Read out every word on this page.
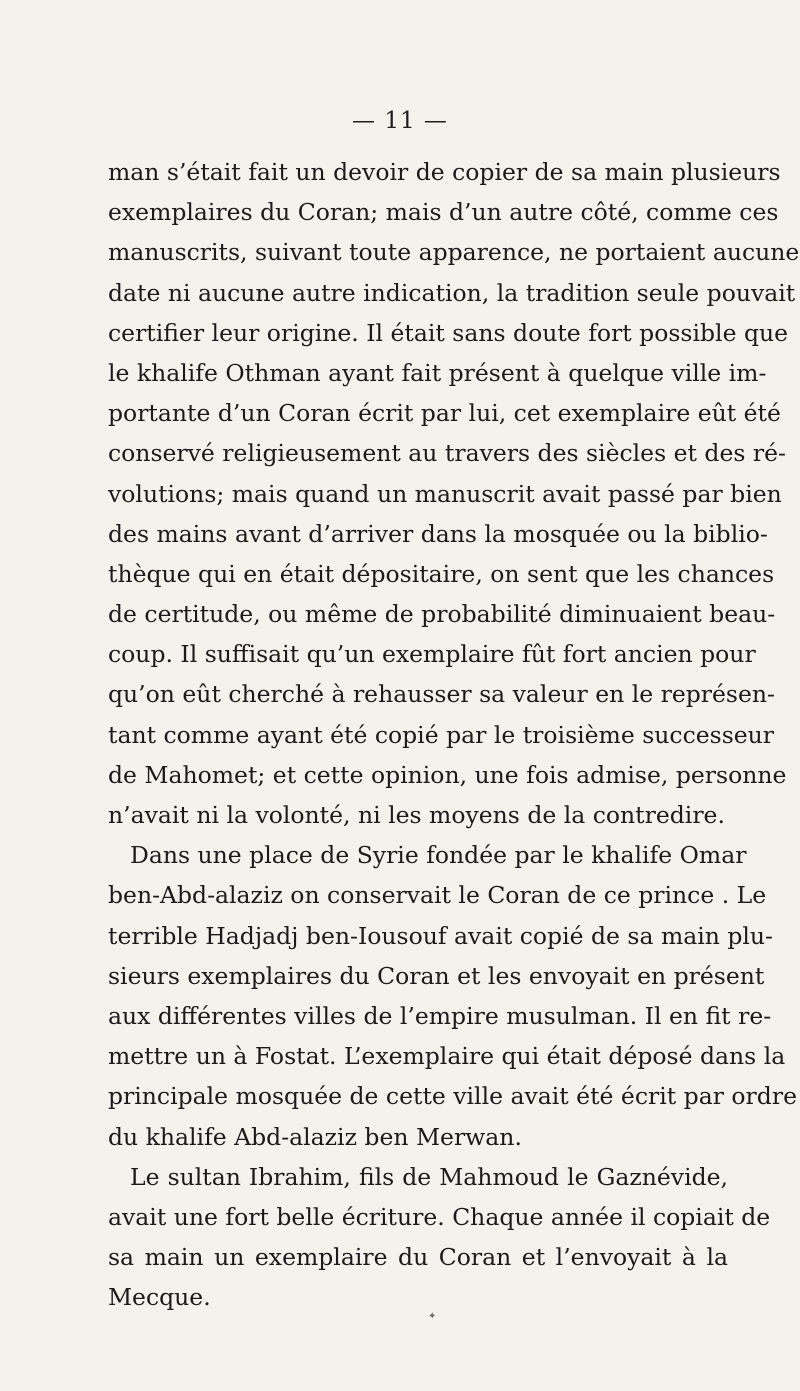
— 11 —
man s’était fait un devoir de copier de sa main plusieurs
exemplaires du Coran; mais d’un autre côté, comme ces
manuscrits, suivant toute apparence, ne portaient aucune
date ni aucune autre indication, la tradition seule pouvait
certifier leur origine. Il était sans doute fort possible que
le khalife Othman ayant fait présent à quelque ville im-
portante d’un Coran écrit par lui, cet exemplaire eût été
conservé religieusement au travers des siècles et des ré-
volutions; mais quand un manuscrit avait passé par bien
des mains avant d’arriver dans la mosquée ou la biblio-
thèque qui en était dépositaire, on sent que les chances
de certitude, ou même de probabilité diminuaient beau-
coup. Il suffisait qu’un exemplaire fût fort ancien pour
qu’on eût cherché à rehausser sa valeur en le représen-
tant comme ayant été copié par le troisième successeur
de Mahomet; et cette opinion, une fois admise, personne
n’avait ni la volonté, ni les moyens de la contredire.
Dans une place de Syrie fondée par le khalife Omar
ben-Abd-alaziz on conservait le Coran de ce prince . Le
terrible Hadjadj ben-Iousouf avait copié de sa main plu-
sieurs exemplaires du Coran et les envoyait en présent
aux différentes villes de l’empire musulman. Il en fit re-
mettre un à Fostat. L’exemplaire qui était déposé dans la
principale mosquée de cette ville avait été écrit par ordre
du khalife Abd-alaziz ben Merwan.
Le sultan Ibrahim, fils de Mahmoud le Gaznévide,
avait une fort belle écriture. Chaque année il copiait de
sa main un exemplaire du Coran et l’envoyait à la
Mecque.
✦
